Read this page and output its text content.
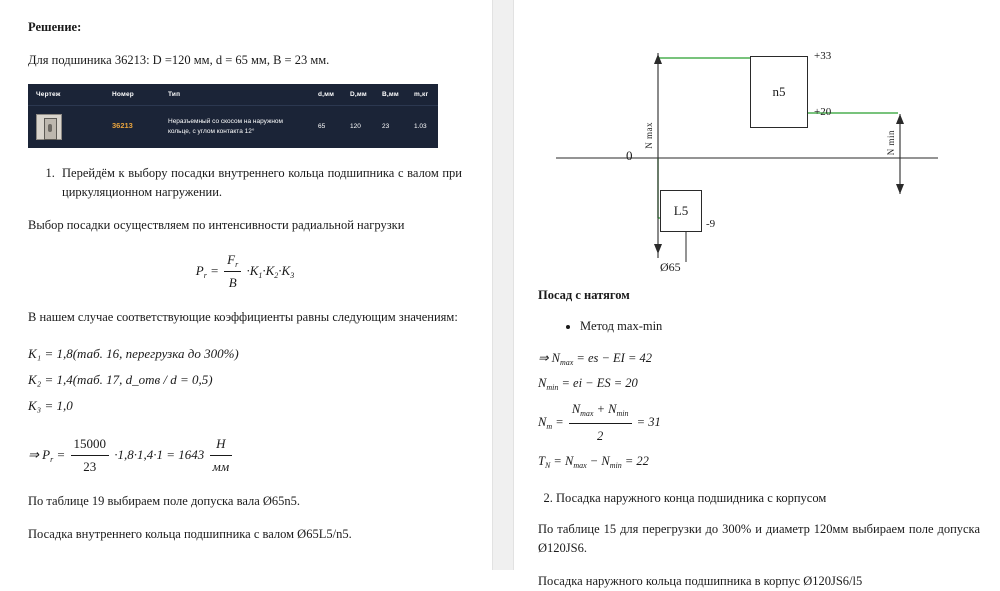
Решение:

Для подшиника 36213: D =120 мм, d = 65 мм, B = 23 мм.

Чертеж	Номер	Тип	d,мм	D,мм	B,мм	m,кг

	36213	Неразъемный со скосом на наружном кольце, с углом контакта 12°	65	120	23	1.03
1. Перейдём к выбору посадки внутреннего кольца подшипника с валом при циркуляционном нагружении.

Выбор посадки осуществляем по интенсивности радиальной нагрузки

$P_r = \frac{F_r}{B} \cdot K_1\cdot K_2\cdot K_3$

В нашем случае соответствующие коэффициенты равны следующим значениям:

K₁ = 1,8(таб. 16, перегрузка до 300%)
K₂ = 1,4(таб. 17, d_отв / d = 0,5)
K₃ = 1,0
⇒ $P_r = \frac{15000}{23} \cdot 1,8\cdot 1,4\cdot 1 = 1643 \frac{Н}{мм}$

По таблице 19 выбираем поле допуска вала Ø65n5.

Посадка внутреннего кольца подшипника с валом Ø65L5/n5.

n5
L5
+33
+20
-9
0
Ø65
N max	N min

Посад с натягом

• Метод max-min
⇒ $N_{max}$ = es − EI = 42
$N_{min}$ = ei − ES = 20
$N_m = \frac{N_{max} + N_{min}}{2} = 31$
$T_N = N_{max} - N_{min} = 22$
2. Посадка наружного конца подшидника с корпусом

По таблице 15 для перегрузки до 300% и диаметр 120мм выбираем поле допуска Ø120JS6.

Посадка наружного кольца подшипника в корпус Ø120JS6/l5
